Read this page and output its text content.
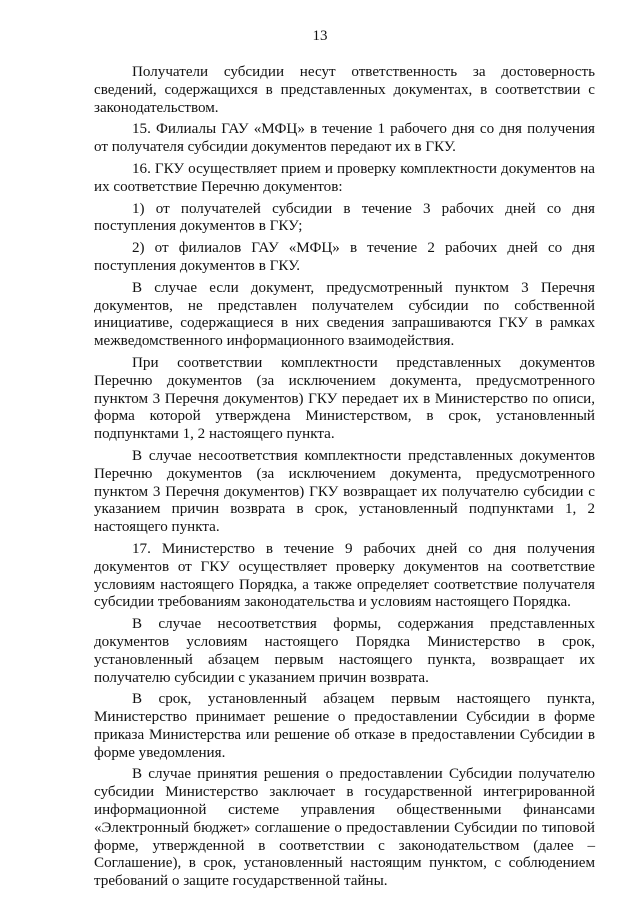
13

Получатели субсидии несут ответственность за достоверность сведений, содержащихся в представленных документах, в соответствии с законодательством.

15. Филиалы ГАУ «МФЦ» в течение 1 рабочего дня со дня получения от получателя субсидии документов передают их в ГКУ.

16. ГКУ осуществляет прием и проверку комплектности документов на их соответствие Перечню документов:

1) от получателей субсидии в течение 3 рабочих дней со дня поступления документов в ГКУ;

2) от филиалов ГАУ «МФЦ» в течение 2 рабочих дней со дня поступления документов в ГКУ.

В случае если документ, предусмотренный пунктом 3 Перечня документов, не представлен получателем субсидии по собственной инициативе, содержащиеся в них сведения запрашиваются ГКУ в рамках межведомственного информационного взаимодействия.

При соответствии комплектности представленных документов Перечню документов (за исключением документа, предусмотренного пунктом 3 Перечня документов) ГКУ передает их в Министерство по описи, форма которой утверждена Министерством, в срок, установленный подпунктами 1, 2 настоящего пункта.

В случае несоответствия комплектности представленных документов Перечню документов (за исключением документа, предусмотренного пунктом 3 Перечня документов) ГКУ возвращает их получателю субсидии с указанием причин возврата в срок, установленный подпунктами 1, 2 настоящего пункта.

17. Министерство в течение 9 рабочих дней со дня получения документов от ГКУ осуществляет проверку документов на соответствие условиям настоящего Порядка, а также определяет соответствие получателя субсидии требованиям законодательства и условиям настоящего Порядка.

В случае несоответствия формы, содержания представленных документов условиям настоящего Порядка Министерство в срок, установленный абзацем первым настоящего пункта, возвращает их получателю субсидии с указанием причин возврата.

В срок, установленный абзацем первым настоящего пункта, Министерство принимает решение о предоставлении Субсидии в форме приказа Министерства или решение об отказе в предоставлении Субсидии в форме уведомления.

В случае принятия решения о предоставлении Субсидии получателю субсидии Министерство заключает в государственной интегрированной информационной системе управления общественными финансами «Электронный бюджет» соглашение о предоставлении Субсидии по типовой форме, утвержденной в соответствии с законодательством (далее – Соглашение), в срок, установленный настоящим пунктом, с соблюдением требований о защите государственной тайны.
